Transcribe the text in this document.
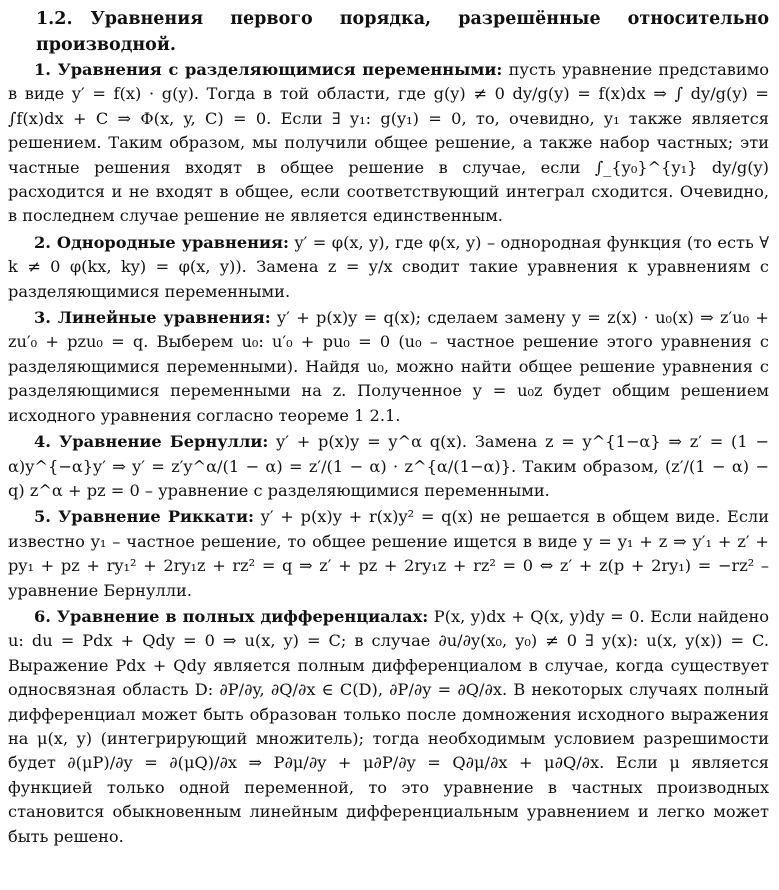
1.2. Уравнения первого порядка, разрешённые относительно производной.

1. Уравнения с разделяющимися переменными: пусть уравнение представимо в виде y′ = f(x) · g(y). Тогда в той области, где g(y) ≠ 0 dy/g(y) = f(x)dx ⇒ ∫ dy/g(y) = ∫f(x)dx + C ⇒ Φ(x, y, C) = 0. Если ∃ y₁: g(y₁) = 0, то, очевидно, y₁ также является решением. Таким образом, мы получили общее решение, а также набор частных; эти частные решения входят в общее решение в случае, если ∫_{y₀}^{y₁} dy/g(y) расходится и не входят в общее, если соответствующий интеграл сходится. Очевидно, в последнем случае решение не является единственным.

2. Однородные уравнения: y′ = φ(x, y), где φ(x, y) – однородная функция (то есть ∀ k ≠ 0 φ(kx, ky) = φ(x, y)). Замена z = y/x сводит такие уравнения к уравнениям с разделяющимися переменными.

3. Линейные уравнения: y′ + p(x)y = q(x); сделаем замену y = z(x) · u₀(x) ⇒ z′u₀ + zu′₀ + pzu₀ = q. Выберем u₀: u′₀ + pu₀ = 0 (u₀ – частное решение этого уравнения с разделяющимися переменными). Найдя u₀, можно найти общее решение уравнения с разделяющимися переменными на z. Полученное y = u₀z будет общим решением исходного уравнения согласно теореме 1 2.1.

4. Уравнение Бернулли: y′ + p(x)y = y^α q(x). Замена z = y^{1−α} ⇒ z′ = (1 − α)y^{−α}y′ ⇒ y′ = z′y^α/(1 − α) = z′/(1 − α) · z^{α/(1−α)}. Таким образом, (z′/(1 − α) − q) z^α + pz = 0 – уравнение с разделяющимися переменными.

5. Уравнение Риккати: y′ + p(x)y + r(x)y² = q(x) не решается в общем виде. Если известно y₁ – частное решение, то общее решение ищется в виде y = y₁ + z ⇒ y′₁ + z′ + py₁ + pz + ry₁² + 2ry₁z + rz² = q ⇒ z′ + pz + 2ry₁z + rz² = 0 ⇔ z′ + z(p + 2ry₁) = −rz² – уравнение Бернулли.

6. Уравнение в полных дифференциалах: P(x, y)dx + Q(x, y)dy = 0. Если найдено u: du = Pdx + Qdy = 0 ⇒ u(x, y) = C; в случае ∂u/∂y(x₀, y₀) ≠ 0 ∃ y(x): u(x, y(x)) = C. Выражение Pdx + Qdy является полным дифференциалом в случае, когда существует односвязная область D: ∂P/∂y, ∂Q/∂x ∈ C(D), ∂P/∂y = ∂Q/∂x. В некоторых случаях полный дифференциал может быть образован только после домножения исходного выражения на μ(x, y) (интегрирующий множитель); тогда необходимым условием разрешимости будет ∂(μP)/∂y = ∂(μQ)/∂x ⇒ P∂μ/∂y + μ∂P/∂y = Q∂μ/∂x + μ∂Q/∂x. Если μ является функцией только одной переменной, то это уравнение в частных производных становится обыкновенным линейным дифференциальным уравнением и легко может быть решено.
